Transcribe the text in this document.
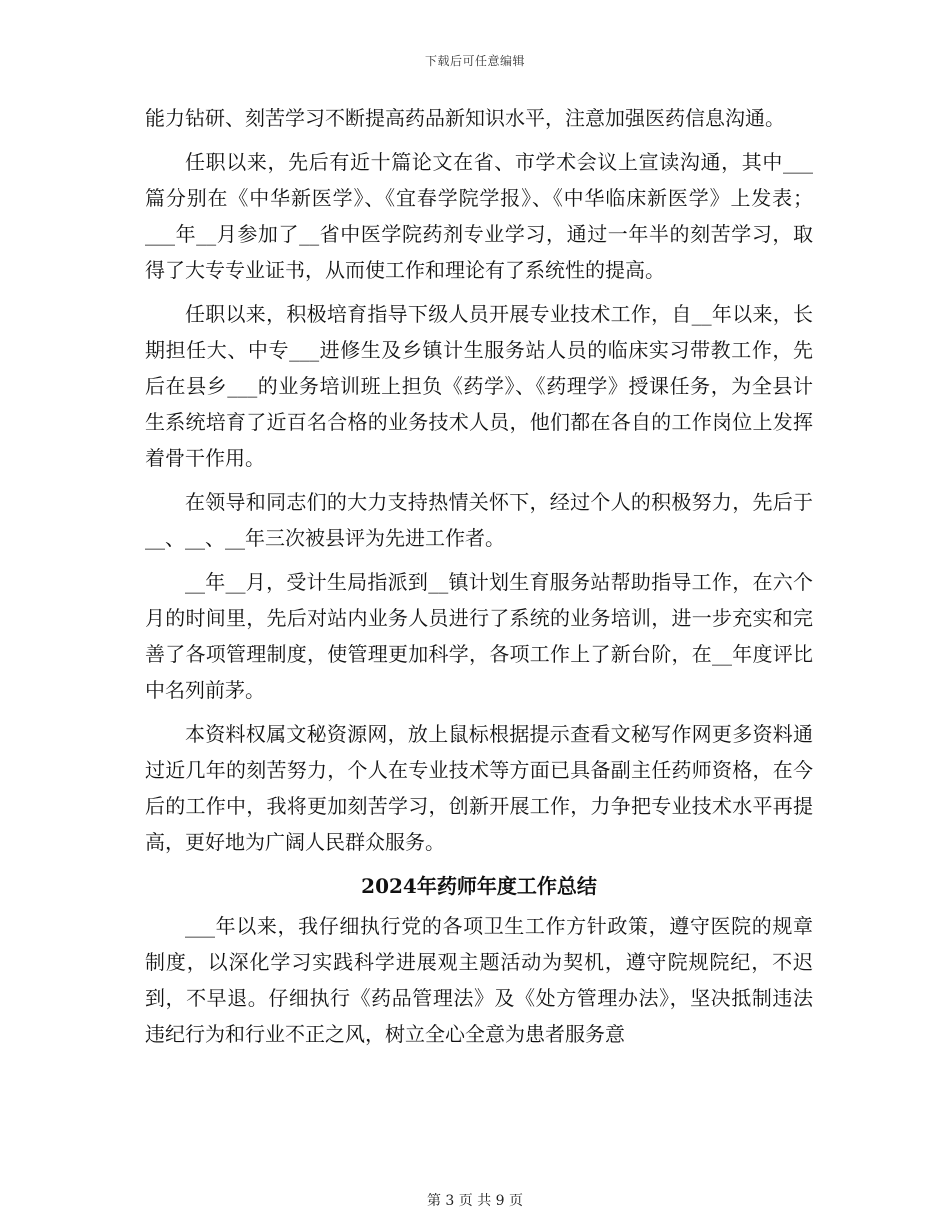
下载后可任意编辑

能力钻研、刻苦学习不断提高药品新知识水平，注意加强医药信息沟通。

任职以来，先后有近十篇论文在省、市学术会议上宣读沟通，其中___篇分别在《中华新医学》、《宜春学院学报》、《中华临床新医学》上发表；___年__月参加了__省中医学院药剂专业学习，通过一年半的刻苦学习，取得了大专专业证书，从而使工作和理论有了系统性的提高。

任职以来，积极培育指导下级人员开展专业技术工作，自__年以来，长期担任大、中专___进修生及乡镇计生服务站人员的临床实习带教工作，先后在县乡___的业务培训班上担负《药学》、《药理学》授课任务，为全县计生系统培育了近百名合格的业务技术人员，他们都在各自的工作岗位上发挥着骨干作用。

在领导和同志们的大力支持热情关怀下，经过个人的积极努力，先后于__、__、__年三次被县评为先进工作者。

__年__月，受计生局指派到__镇计划生育服务站帮助指导工作，在六个月的时间里，先后对站内业务人员进行了系统的业务培训，进一步充实和完善了各项管理制度，使管理更加科学，各项工作上了新台阶，在__年度评比中名列前茅。

本资料权属文秘资源网，放上鼠标根据提示查看文秘写作网更多资料通过近几年的刻苦努力，个人在专业技术等方面已具备副主任药师资格，在今后的工作中，我将更加刻苦学习，创新开展工作，力争把专业技术水平再提高，更好地为广阔人民群众服务。

2024年药师年度工作总结

___年以来，我仔细执行党的各项卫生工作方针政策，遵守医院的规章制度，以深化学习实践科学进展观主题活动为契机，遵守院规院纪，不迟到，不早退。仔细执行《药品管理法》及《处方管理办法》，坚决抵制违法违纪行为和行业不正之风，树立全心全意为患者服务意

第 3 页 共 9 页
